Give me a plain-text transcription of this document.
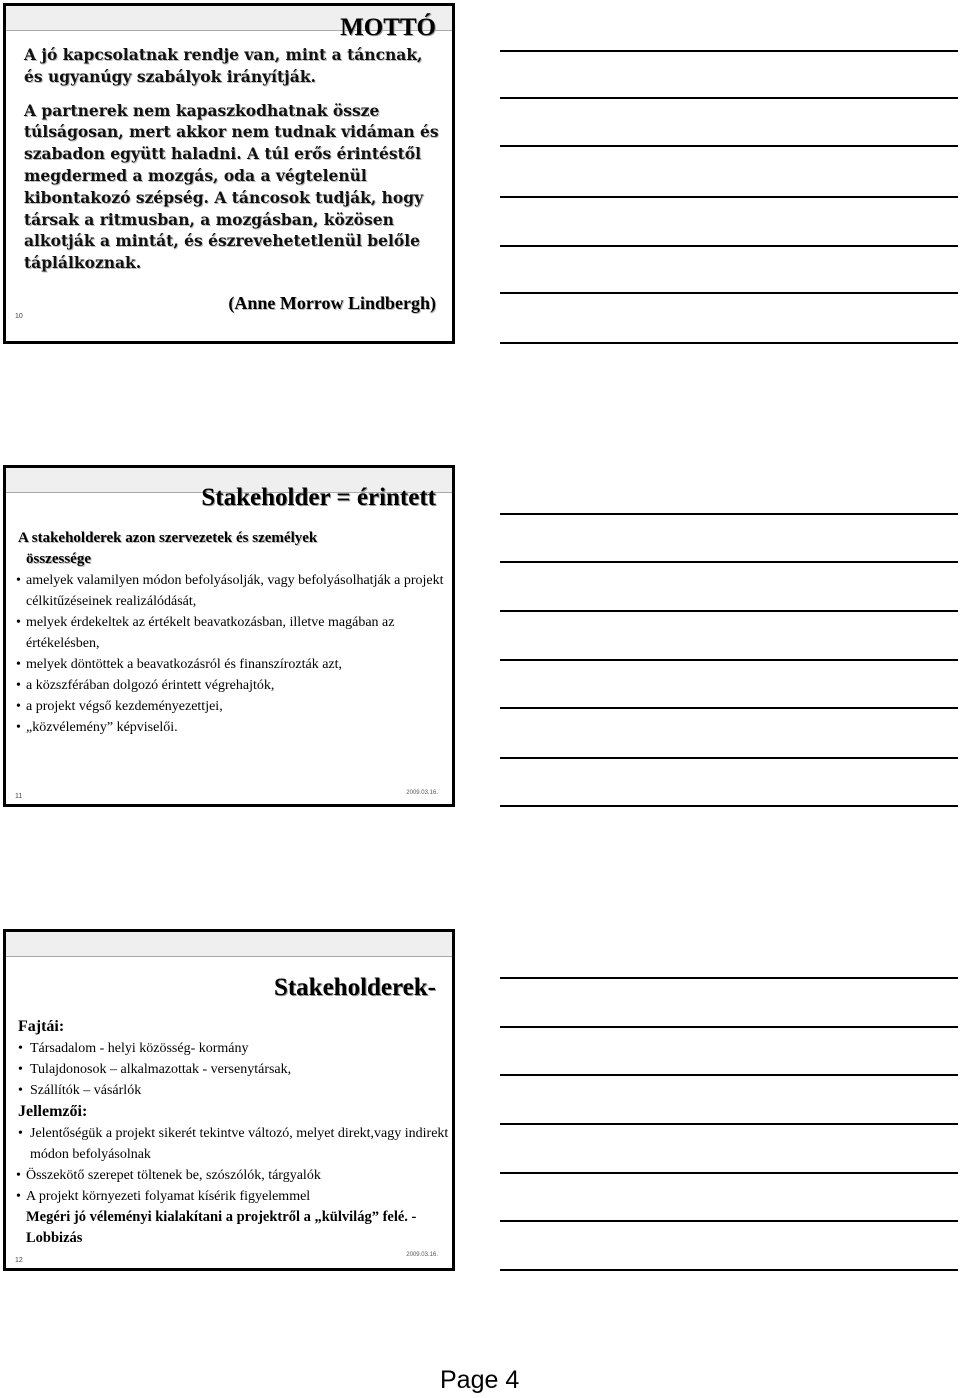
MOTTÓ

A jó kapcsolatnak rendje van, mint a táncnak, és ugyanúgy szabályok irányítják.

A partnerek nem kapaszkodhatnak össze túlságosan, mert akkor nem tudnak vidáman és szabadon együtt haladni. A túl erős érintéstől megdermed a mozgás, oda a végtelenül kibontakozó szépség. A táncosok tudják, hogy társak a ritmusban, a mozgásban, közösen alkotják a mintát, és észrevehetetlenül belőle táplálkoznak.

(Anne Morrow Lindbergh)
10
Stakeholder = érintett
A stakeholderek azon szervezetek és személyek
összessége
• amelyek valamilyen módon befolyásolják, vagy befolyásolhatják a projekt célkitűzéseinek realizálódását,
• melyek érdekeltek az értékelt beavatkozásban, illetve magában az értékelésben,
• melyek döntöttek a beavatkozásról és finanszírozták azt,
• a közszférában dolgozó érintett végrehajtók,
• a projekt végső kezdeményezettjei,
• „közvélemény” képviselői.
11	2009.03.16.
Stakeholderek-
Fajtái:
• Társadalom - helyi közösség- kormány
• Tulajdonosok – alkalmazottak - versenytársak,
• Szállítók – vásárlók
Jellemzői:
• Jelentőségük a projekt sikerét tekintve változó, melyet direkt,vagy indirekt módon befolyásolnak
• Összekötő szerepet töltenek be, szószólók, tárgyalók
• A projekt környezeti folyamat kísérik figyelemmel
Megéri jó véleményi kialakítani a projektről a „külvilág” felé. - Lobbizás
12
2009.03.16.
Page 4
